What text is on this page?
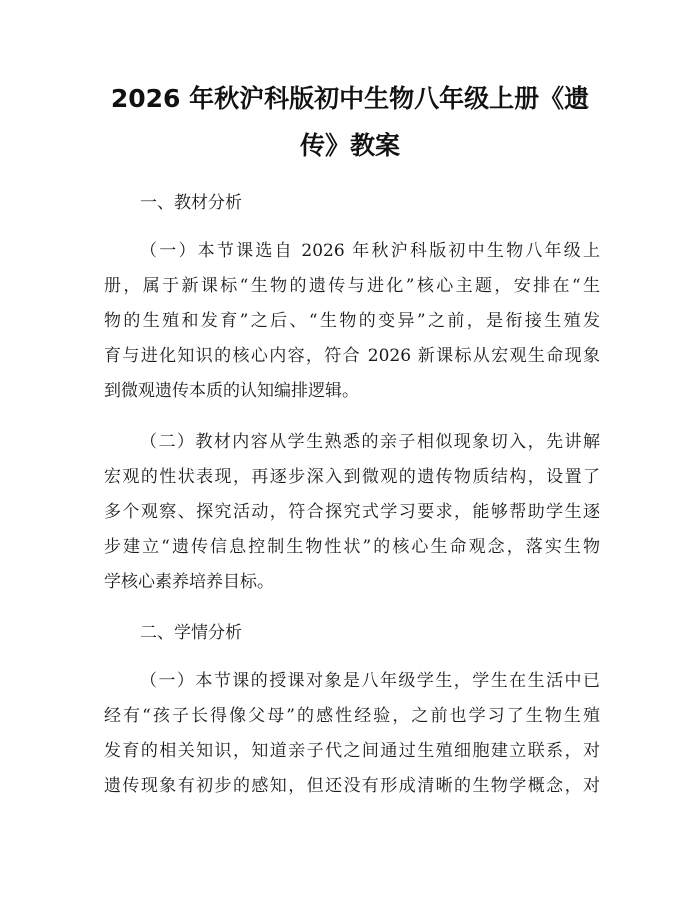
2026 年秋沪科版初中生物八年级上册《遗
传》教案

一、教材分析

（一）本节课选自 2026 年秋沪科版初中生物八年级上

册，属于新课标“生物的遗传与进化”核心主题，安排在“生

物的生殖和发育”之后、“生物的变异”之前，是衔接生殖发

育与进化知识的核心内容，符合 2026 新课标从宏观生命现象

到微观遗传本质的认知编排逻辑。

（二）教材内容从学生熟悉的亲子相似现象切入，先讲解

宏观的性状表现，再逐步深入到微观的遗传物质结构，设置了

多个观察、探究活动，符合探究式学习要求，能够帮助学生逐

步建立“遗传信息控制生物性状”的核心生命观念，落实生物

学核心素养培养目标。

二、学情分析

（一）本节课的授课对象是八年级学生，学生在生活中已

经有“孩子长得像父母”的感性经验，之前也学习了生物生殖

发育的相关知识，知道亲子代之间通过生殖细胞建立联系，对

遗传现象有初步的感知，但还没有形成清晰的生物学概念，对
